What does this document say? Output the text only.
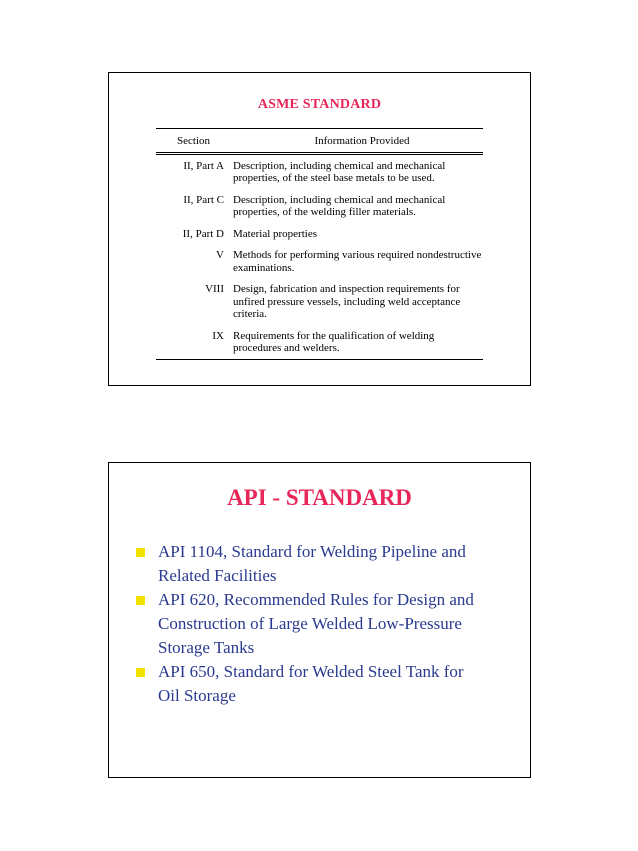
ASME STANDARD
Section	Information Provided
II, Part A Description, including chemical and mechanical properties, of the steel base metals to be used.
II, Part C Description, including chemical and mechanical properties, of the welding filler materials.
II, Part D Material properties
V Methods for performing various required nondestructive examinations.
VIII Design, fabrication and inspection requirements for unfired pressure vessels, including weld acceptance criteria.
IX Requirements for the qualification of welding procedures and welders.
API - STANDARD
API 1104, Standard for Welding Pipeline and Related Facilities
API 620, Recommended Rules for Design and Construction of Large Welded Low-Pressure Storage Tanks
API 650, Standard for Welded Steel Tank for Oil Storage
